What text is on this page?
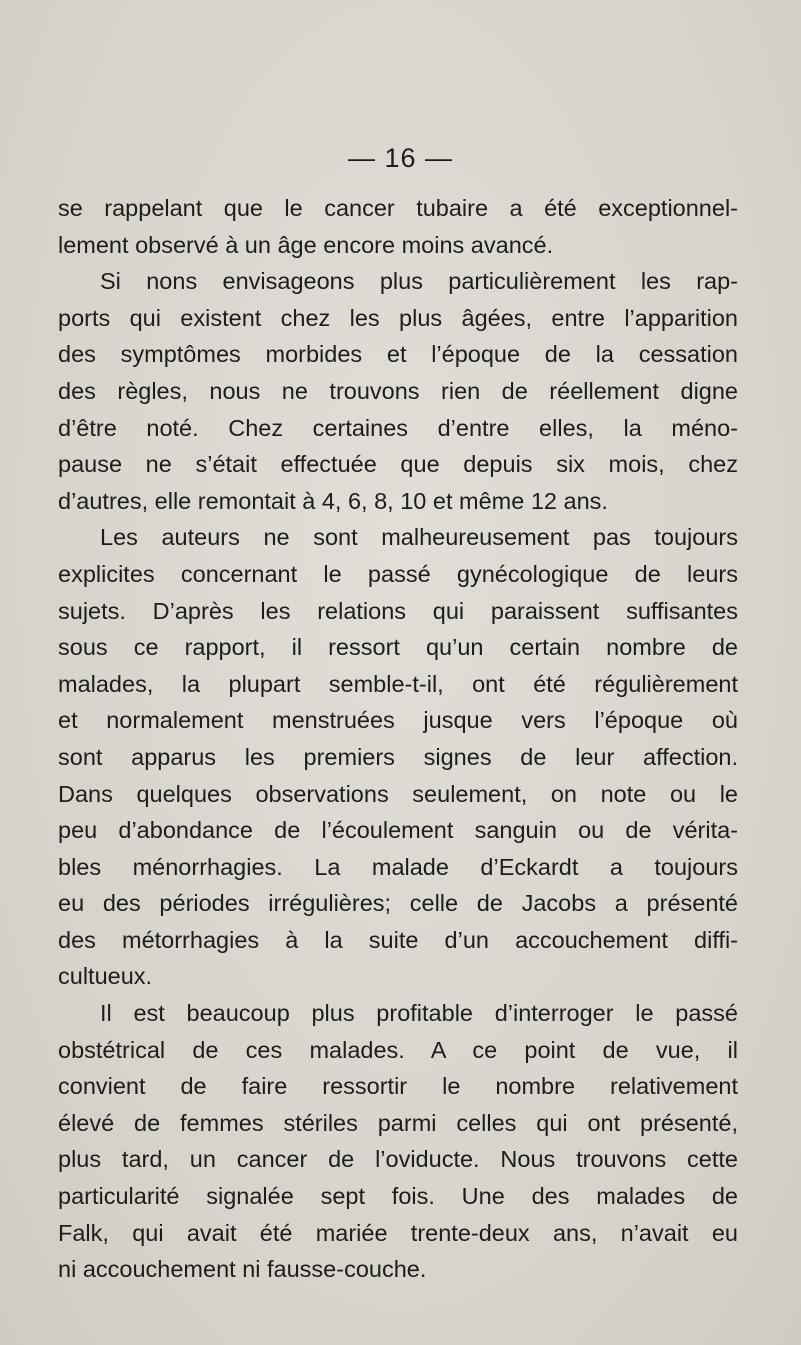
— 16 —
se rappelant que le cancer tubaire a été exceptionnel-
lement observé à un âge encore moins avancé.
Si nons envisageons plus particulièrement les rap-
ports qui existent chez les plus âgées, entre l’apparition
des symptômes morbides et l’époque de la cessation
des règles, nous ne trouvons rien de réellement digne
d’être noté. Chez certaines d’entre elles, la méno-
pause ne s’était effectuée que depuis six mois, chez
d’autres, elle remontait à 4, 6, 8, 10 et même 12 ans.
Les auteurs ne sont malheureusement pas toujours
explicites concernant le passé gynécologique de leurs
sujets. D’après les relations qui paraissent suffisantes
sous ce rapport, il ressort qu’un certain nombre de
malades, la plupart semble-t-il, ont été régulièrement
et normalement menstruées jusque vers l’époque où
sont apparus les premiers signes de leur affection.
Dans quelques observations seulement, on note ou le
peu d’abondance de l’écoulement sanguin ou de vérita-
bles ménorrhagies. La malade d’Eckardt a toujours
eu des périodes irrégulières; celle de Jacobs a présenté
des métorrhagies à la suite d’un accouchement diffi-
cultueux.
Il est beaucoup plus profitable d’interroger le passé
obstétrical de ces malades. A ce point de vue, il
convient de faire ressortir le nombre relativement
élevé de femmes stériles parmi celles qui ont présenté,
plus tard, un cancer de l’oviducte. Nous trouvons cette
particularité signalée sept fois. Une des malades de
Falk, qui avait été mariée trente-deux ans, n’avait eu
ni accouchement ni fausse-couche.
